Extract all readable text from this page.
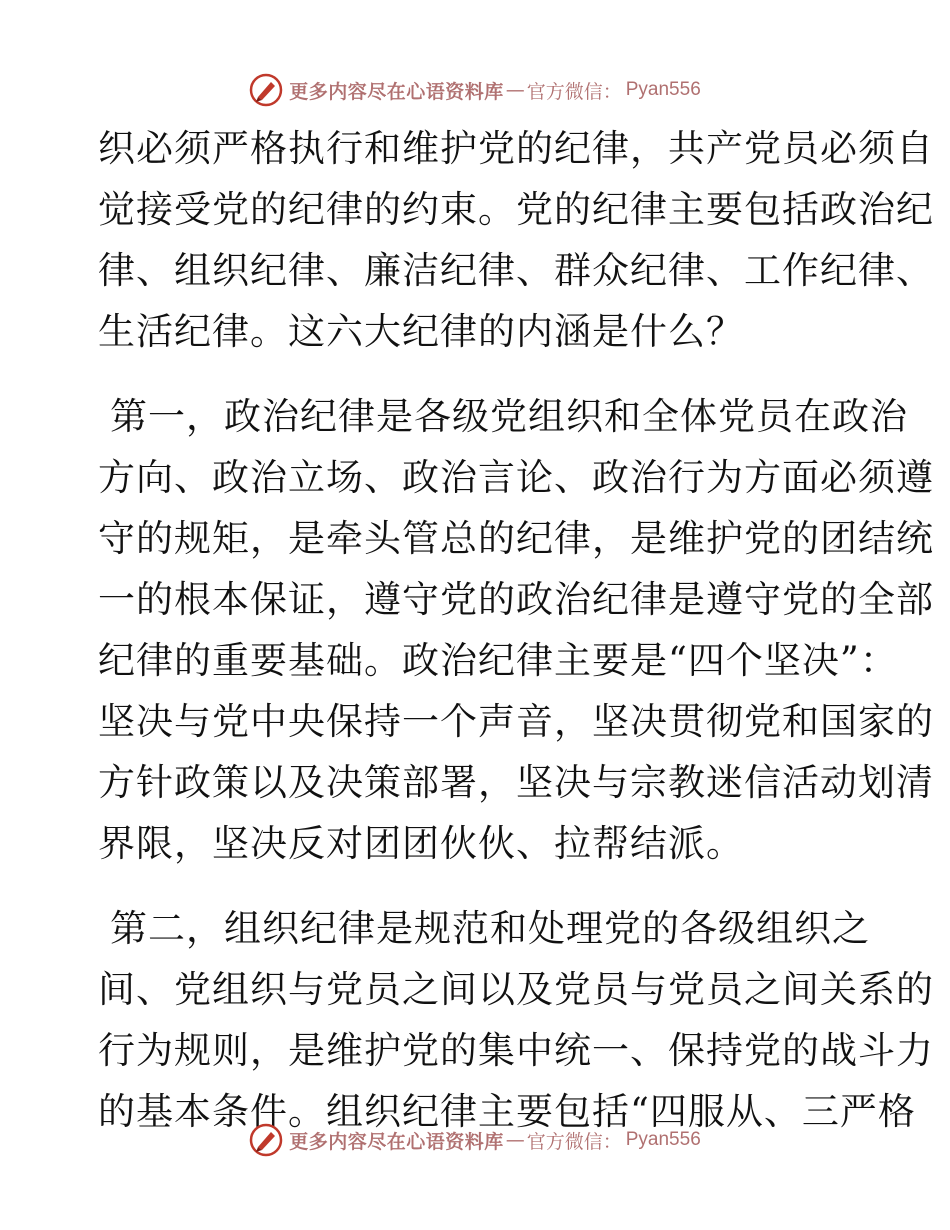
更多内容尽在心语资料库 — 官方微信： Pyan556
织必须严格执行和维护党的纪律，共产党员必须自
觉接受党的纪律的约束。党的纪律主要包括政治纪
律、组织纪律、廉洁纪律、群众纪律、工作纪律、
生活纪律。这六大纪律的内涵是什么？
第一，政治纪律是各级党组织和全体党员在政治
方向、政治立场、政治言论、政治行为方面必须遵
守的规矩，是牵头管总的纪律，是维护党的团结统
一的根本保证，遵守党的政治纪律是遵守党的全部
纪律的重要基础。政治纪律主要是“四个坚决”：
坚决与党中央保持一个声音，坚决贯彻党和国家的
方针政策以及决策部署，坚决与宗教迷信活动划清
界限，坚决反对团团伙伙、拉帮结派。
第二，组织纪律是规范和处理党的各级组织之
间、党组织与党员之间以及党员与党员之间关系的
行为规则，是维护党的集中统一、保持党的战斗力
的基本条件。组织纪律主要包括“四服从、三严格
更多内容尽在心语资料库 — 官方微信： Pyan556
